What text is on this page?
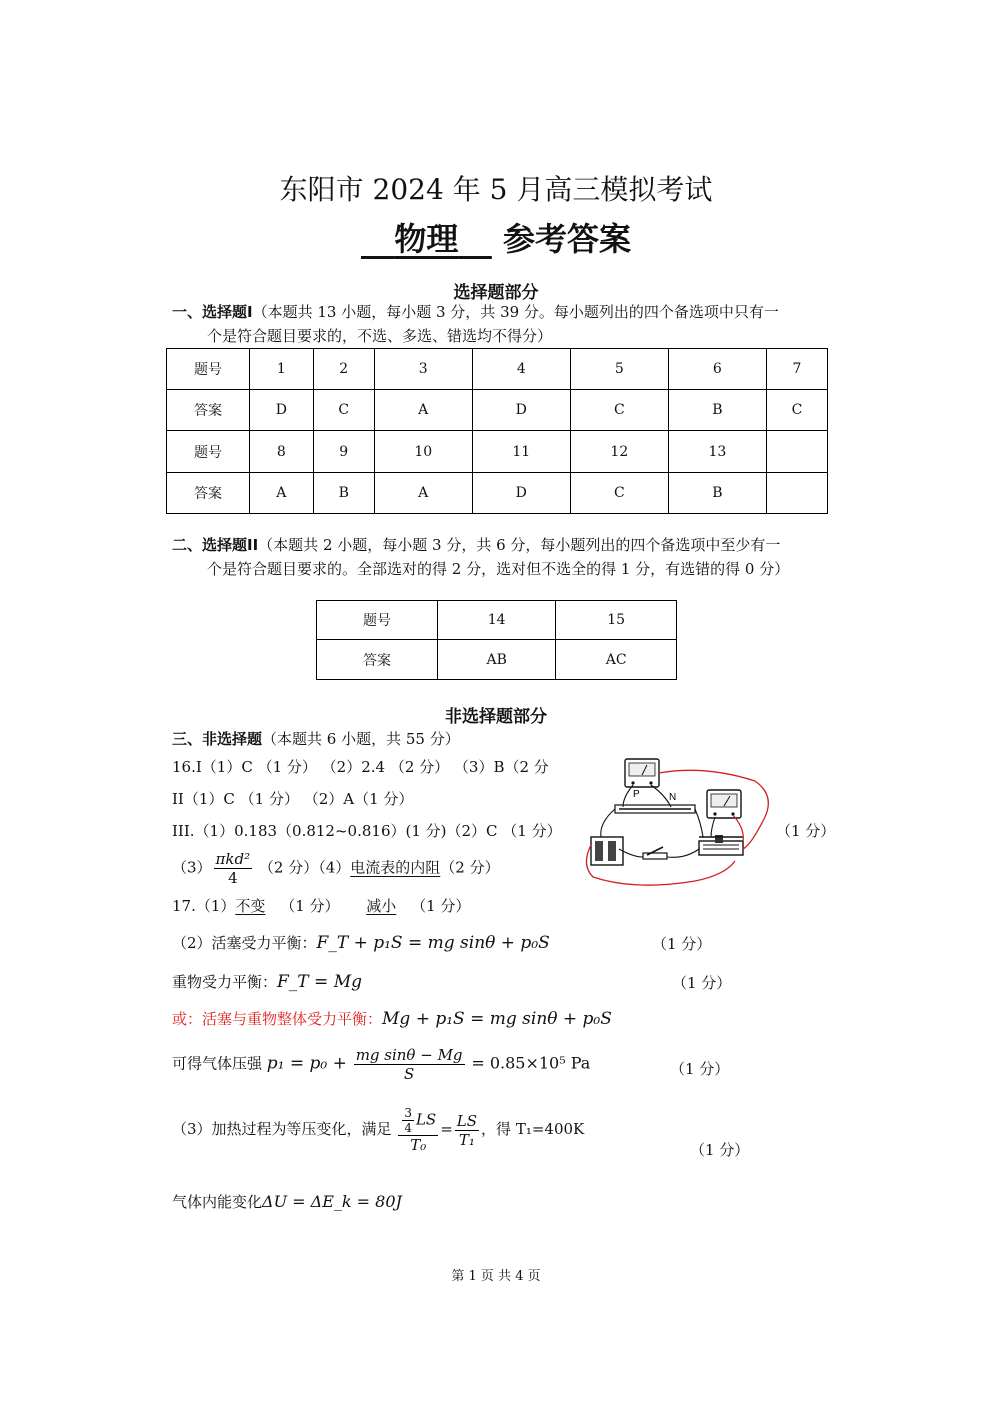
东阳市 2024 年 5 月高三模拟考试
物理 参考答案
选择题部分
一、选择题I（本题共 13 小题，每小题 3 分，共 39 分。每小题列出的四个备选项中只有一
个是符合题目要求的，不选、多选、错选均不得分）
题号	1	2	3	4	5	6	7
答案	D	C	A	D	C	B	C
题号	8	9	10	11	12	13	
答案	A	B	A	D	C	B	
二、选择题II（本题共 2 小题，每小题 3 分，共 6 分，每小题列出的四个备选项中至少有一
个是符合题目要求的。全部选对的得 2 分，选对但不选全的得 1 分，有选错的得 0 分）
题号	14	15
答案	AB	AC
非选择题部分
三、非选择题（本题共 6 小题，共 55 分）
16.I（1）C （1 分） （2）2.4 （2 分） （3）B（2 分
II（1）C （1 分） （2）A（1 分）
III.（1）0.183（0.812~0.816）(1 分)（2）C （1 分）	（1 分）
$(3) \frac{\text{πkd²}}{4} (2$ 分）（4）电流表的内阻（2 分）
P	N
17.（1）不变 （1 分） 减小 （1 分）
（2）活塞受力平衡：F_T + p₁S = mg sinθ + p₀S	（1 分）
重物受力平衡：F_T = Mg	（1 分）
或：活塞与重物整体受力平衡：Mg + p₁S = mg sinθ + p₀S
可得气体压强 $p_1 = p_0 + \frac{\text{mg sinθ − Mg}}{S} = 0.85\times 10^5$ Pa	（1 分）
（3）加热过程为等压变化，满足 $\frac{\frac{3}{4} LS}{\text{T₀}} = \frac{LS}{\text{T₁}}$ ，得 T₁=400K
（1 分）
气体内能变化ΔU = ΔE_k = 80J
第 1 页 共 4 页
